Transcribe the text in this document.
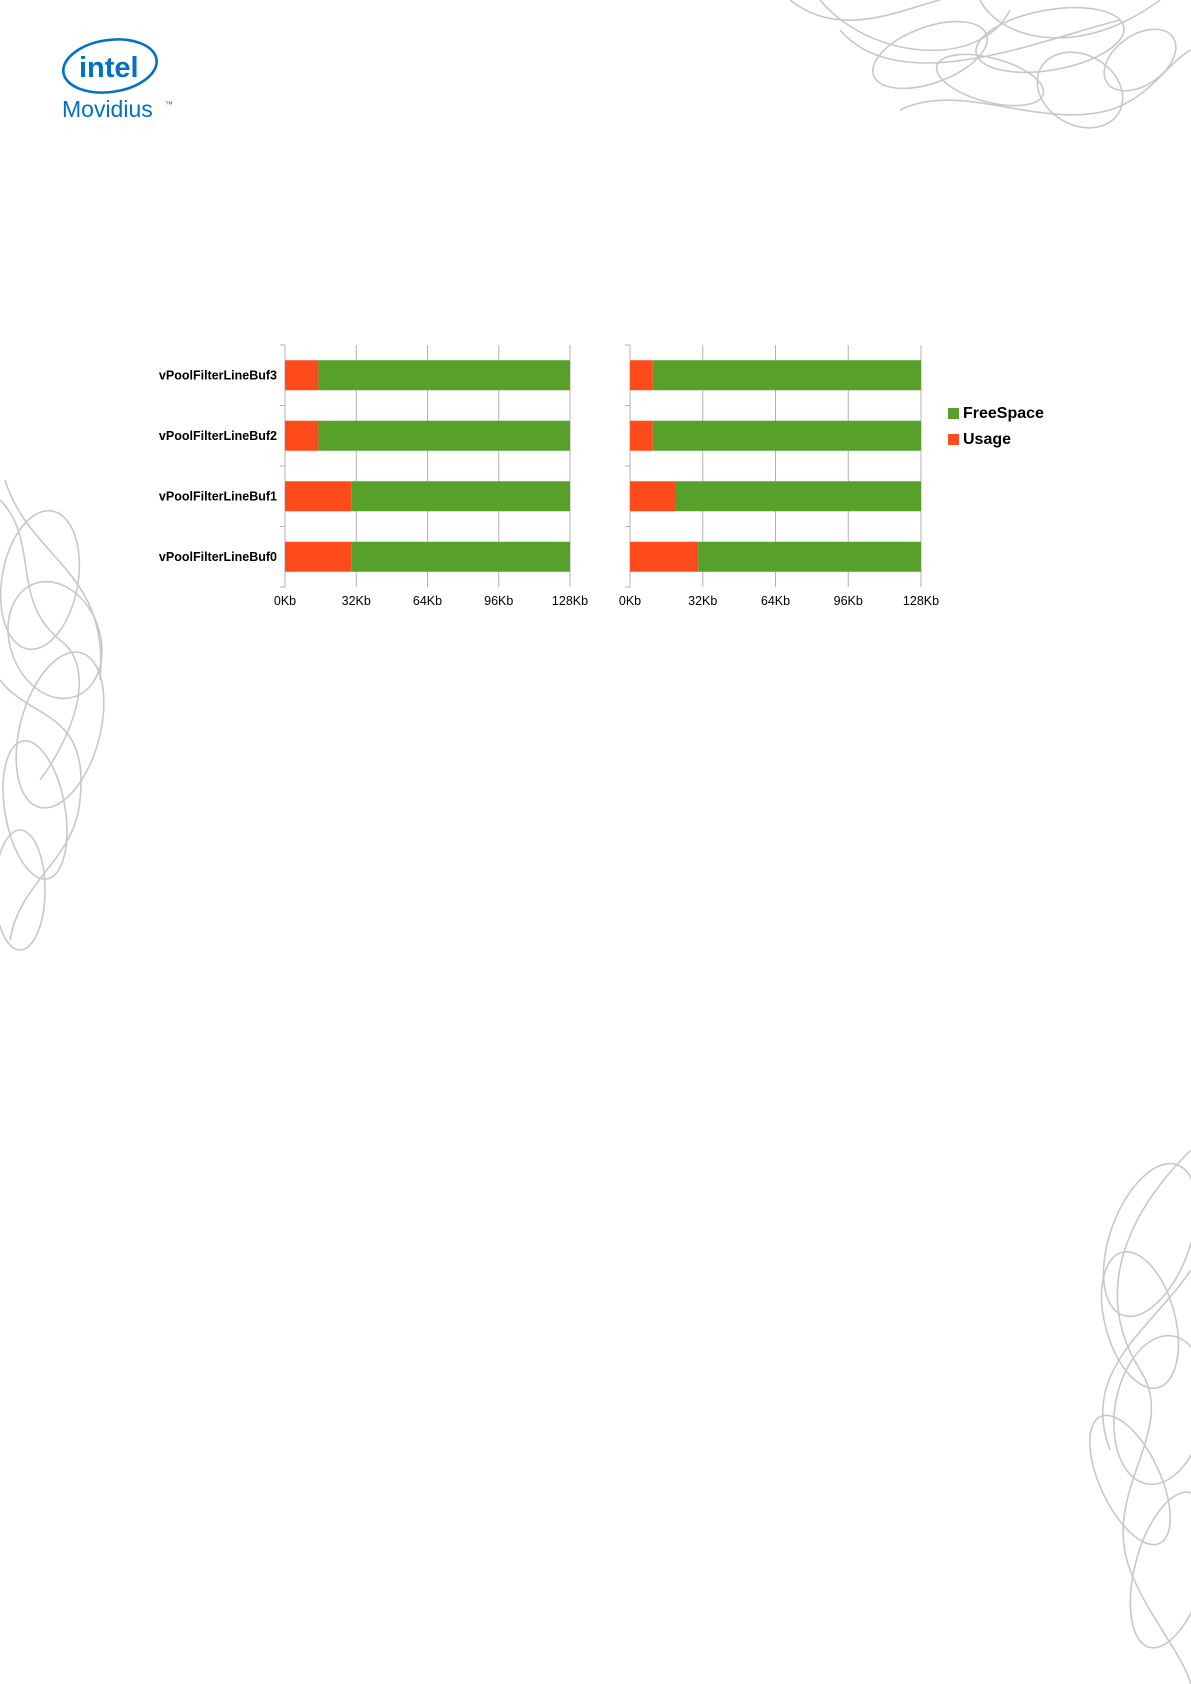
intel
Movidius ™
0Kb	32Kb	64Kb	96Kb	128Kb
vPoolFilterLineBuf3
vPoolFilterLineBuf2
vPoolFilterLineBuf1
vPoolFilterLineBuf0
0Kb	32Kb	64Kb	96Kb	128Kb
FreeSpace
Usage
